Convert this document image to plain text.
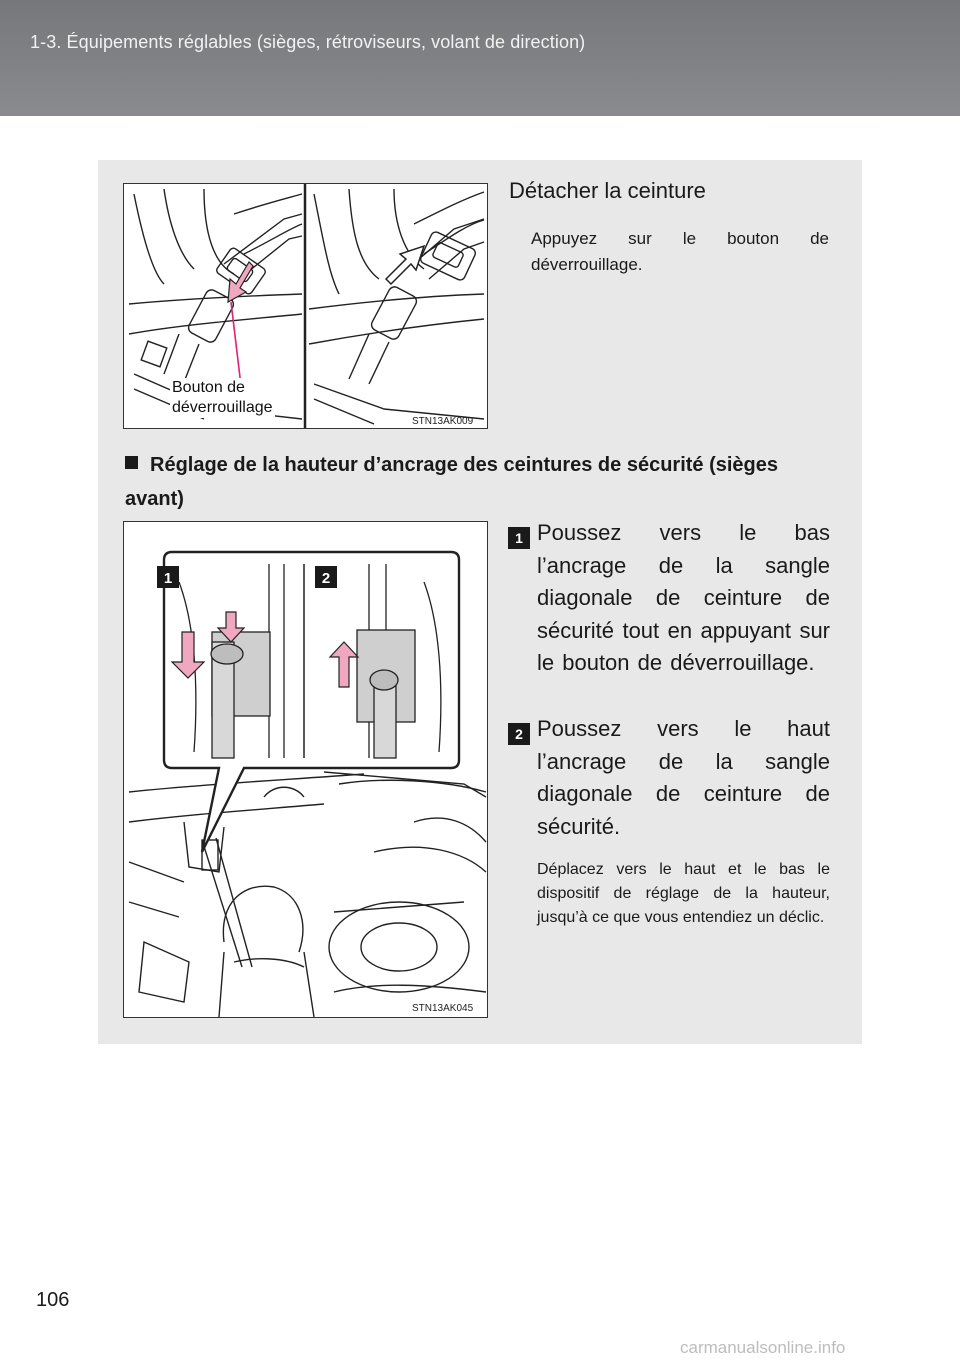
1-3. Équipements réglables (sièges, rétroviseurs, volant de direction)
STN13AK009
Bouton de
déverrouillage
Détacher la ceinture
Appuyez sur le bouton de déverrouillage.
Réglage de la hauteur d’ancrage des ceintures de sécurité (sièges avant)
1	2
STN13AK045
1 Poussez vers le bas l’ancrage de la sangle diagonale de ceinture de sécurité tout en appuyant sur le bouton de déverrouillage.
2 Poussez vers le haut l’ancrage de la sangle diagonale de ceinture de sécurité.
Déplacez vers le haut et le bas le dispositif de réglage de la hauteur, jusqu’à ce que vous entendiez un déclic.
106
carmanualsonline.info
